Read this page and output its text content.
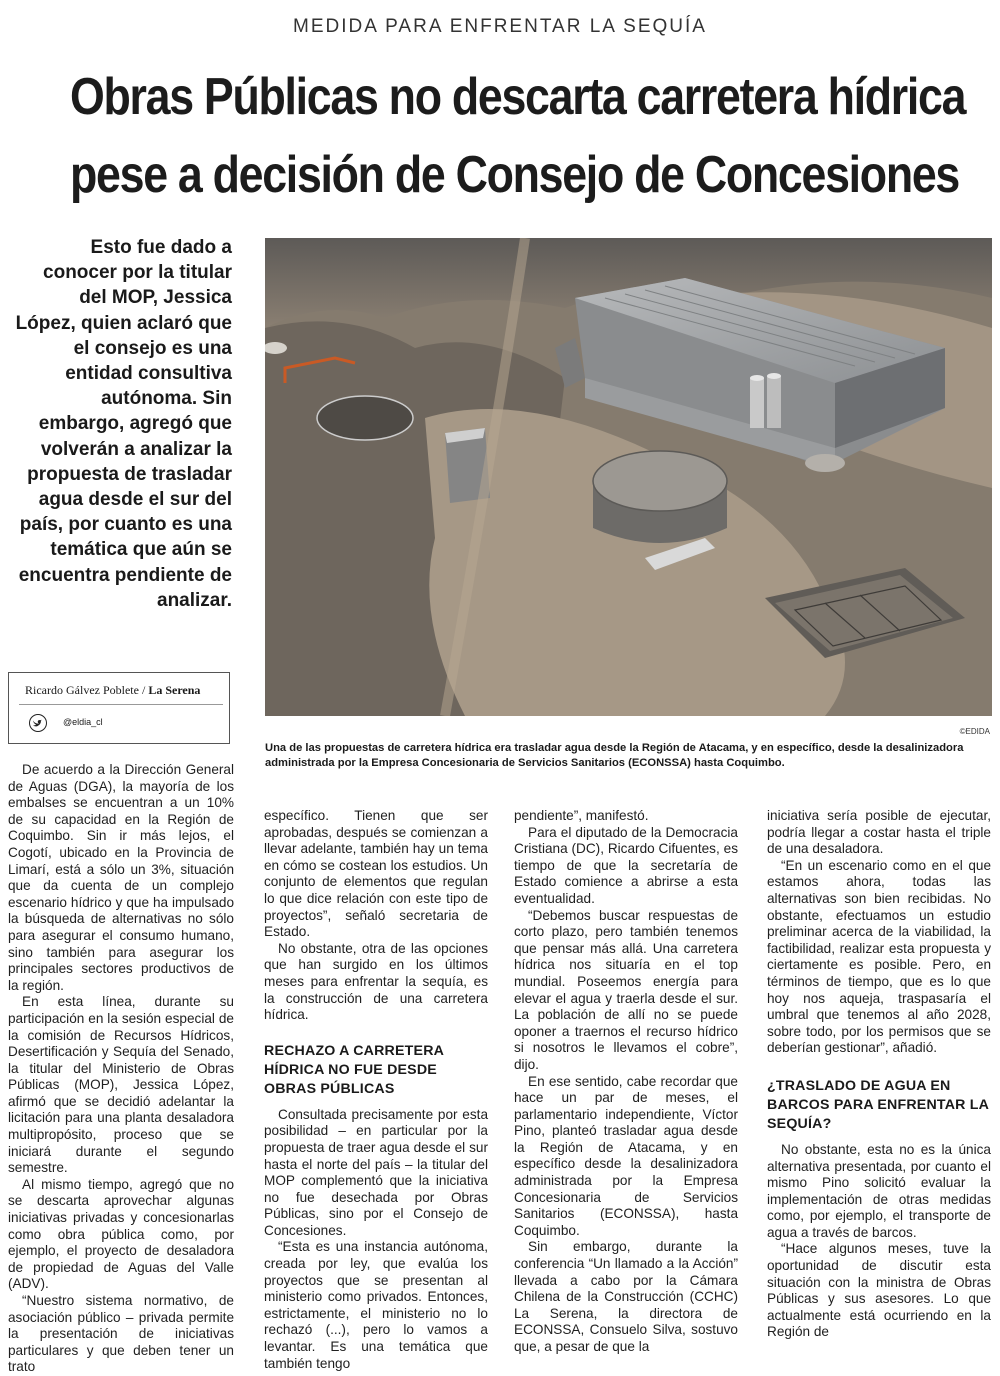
MEDIDA PARA ENFRENTAR LA SEQUÍA
Obras Públicas no descarta carretera hídrica
pese a decisión de Consejo de Concesiones
Esto fue dado a conocer por la titular del MOP, Jessica López, quien aclaró que el consejo es una entidad consultiva autónoma. Sin embargo, agregó que volverán a analizar la propuesta de trasladar agua desde el sur del país, por cuanto es una temática que aún se encuentra pendiente de analizar.
©EDIDA
Una de las propuestas de carretera hídrica era trasladar agua desde la Región de Atacama, y en específico, desde la desalinizadora administrada por la Empresa Concesionaria de Servicios Sanitarios (ECONSSA) hasta Coquimbo.
Ricardo Gálvez Poblete / La Serena
@eldia_cl

De acuerdo a la Dirección General de Aguas (DGA), la mayoría de los embalses se encuentran a un 10% de su capacidad en la Región de Coquimbo. Sin ir más lejos, el Cogotí, ubicado en la Provincia de Limarí, está a sólo un 3%, situación que da cuenta de un complejo escenario hídrico y que ha impulsado la búsqueda de alternativas no sólo para asegurar el consumo humano, sino también para asegurar los principales sectores productivos de la región.

En esta línea, durante su participación en la sesión especial de la comisión de Recursos Hídricos, Desertificación y Sequía del Senado, la titular del Ministerio de Obras Públicas (MOP), Jessica López, afirmó que se decidió adelantar la licitación para una planta desaladora multipropósito, proceso que se iniciará durante el segundo semestre.

Al mismo tiempo, agregó que no se descarta aprovechar algunas iniciativas privadas y concesionarlas como obra pública como, por ejemplo, el proyecto de desaladora de propiedad de Aguas del Valle (ADV).

“Nuestro sistema normativo, de asociación público – privada permite la presentación de iniciativas particulares y que deben tener un trato

específico. Tienen que ser aprobadas, después se comienzan a llevar adelante, también hay un tema en cómo se costean los estudios. Un conjunto de elementos que regulan lo que dice relación con este tipo de proyectos”, señaló secretaria de Estado.

No obstante, otra de las opciones que han surgido en los últimos meses para enfrentar la sequía, es la construcción de una carretera hídrica.

RECHAZO A CARRETERA HÍDRICA NO FUE DESDE OBRAS PÚBLICAS

Consultada precisamente por esta posibilidad – en particular por la propuesta de traer agua desde el sur hasta el norte del país – la titular del MOP complementó que la iniciativa no fue desechada por Obras Públicas, sino por el Consejo de Concesiones.

“Esta es una instancia autónoma, creada por ley, que evalúa los proyectos que se presentan al ministerio como privados. Entonces, estrictamente, el ministerio no lo rechazó (...), pero lo vamos a levantar. Es una temática que también tengo

pendiente”, manifestó.

Para el diputado de la Democracia Cristiana (DC), Ricardo Cifuentes, es tiempo de que la secretaría de Estado comience a abrirse a esta eventualidad.

“Debemos buscar respuestas de corto plazo, pero también tenemos que pensar más allá. Una carretera hídrica nos situaría en el top mundial. Poseemos energía para elevar el agua y traerla desde el sur. La población de allí no se puede oponer a traernos el recurso hídrico si nosotros le llevamos el cobre”, dijo.

En ese sentido, cabe recordar que hace un par de meses, el parlamentario independiente, Víctor Pino, planteó trasladar agua desde la Región de Atacama, y en específico desde la desalinizadora administrada por la Empresa Concesionaria de Servicios Sanitarios (ECONSSA), hasta Coquimbo.

Sin embargo, durante la conferencia “Un llamado a la Acción” llevada a cabo por la Cámara Chilena de la Construcción (CCHC) La Serena, la directora de ECONSSA, Consuelo Silva, sostuvo que, a pesar de que la

iniciativa sería posible de ejecutar, podría llegar a costar hasta el triple de una desaladora.

“En un escenario como en el que estamos ahora, todas las alternativas son bien recibidas. No obstante, efectuamos un estudio preliminar acerca de la viabilidad, la factibilidad, realizar esta propuesta y ciertamente es posible. Pero, en términos de tiempo, que es lo que hoy nos aqueja, traspasaría el umbral que tenemos al año 2028, sobre todo, por los permisos que se deberían gestionar”, añadió.

¿TRASLADO DE AGUA EN BARCOS PARA ENFRENTAR LA SEQUÍA?

No obstante, esta no es la única alternativa presentada, por cuanto el mismo Pino solicitó evaluar la implementación de otras medidas como, por ejemplo, el transporte de agua a través de barcos.

“Hace algunos meses, tuve la oportunidad de discutir esta situación con la ministra de Obras Públicas y sus asesores. Lo que actualmente está ocurriendo en la Región de
